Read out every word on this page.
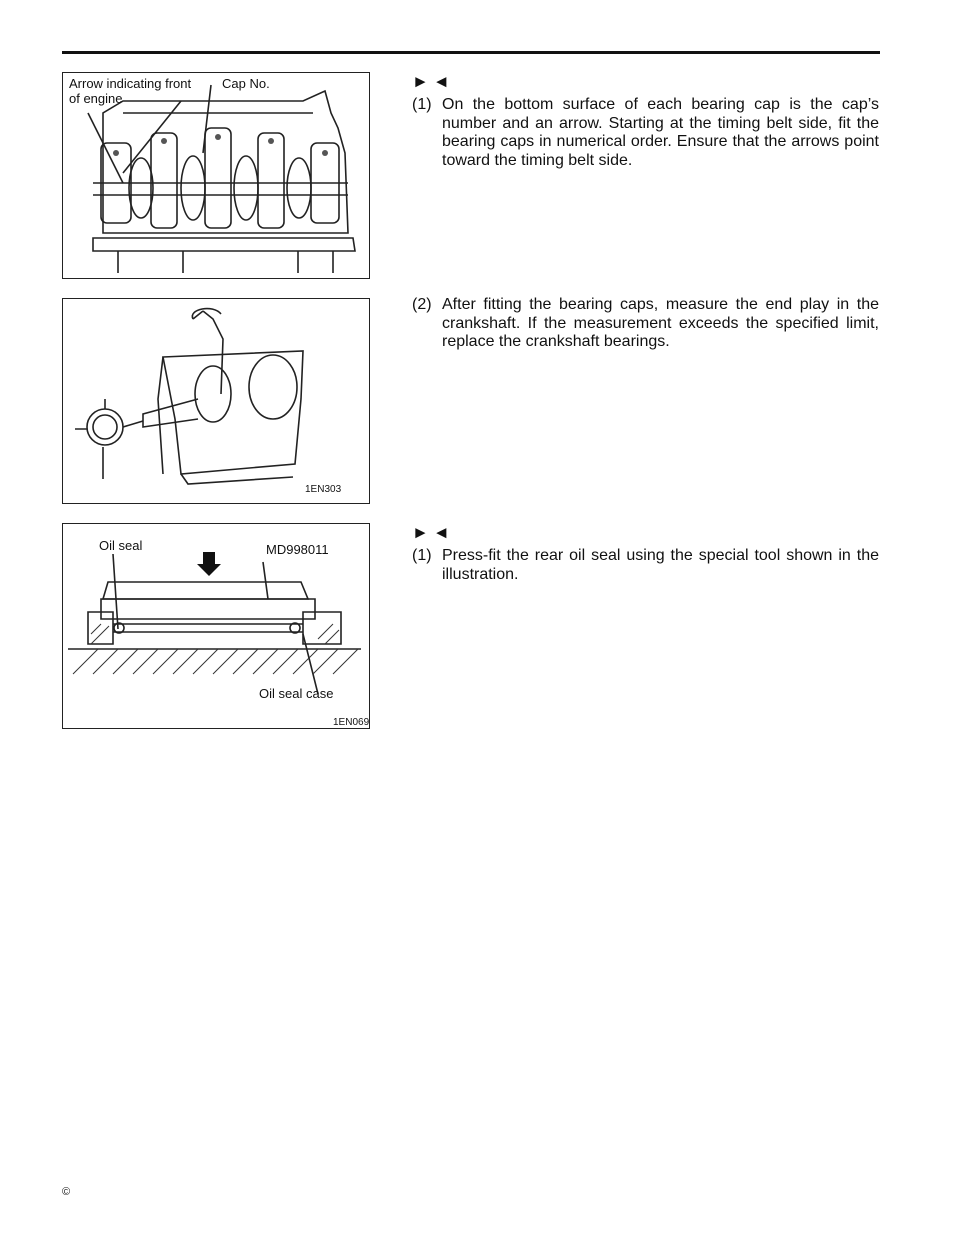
Arrow indicating front
of engine
Cap No.
1EN303
Oil seal	MD998011
Oil seal case
1EN069
►◄
(1) On the bottom surface of each bearing cap is the cap’s number and an arrow. Starting at the timing belt side, fit the bearing caps in numerical order. Ensure that the arrows point toward the timing belt side.
(2) After fitting the bearing caps, measure the end play in the crankshaft. If the measurement exceeds the specified limit, replace the crankshaft bearings.
►◄
(1) Press-fit the rear oil seal using the special tool shown in the illustration.
©
